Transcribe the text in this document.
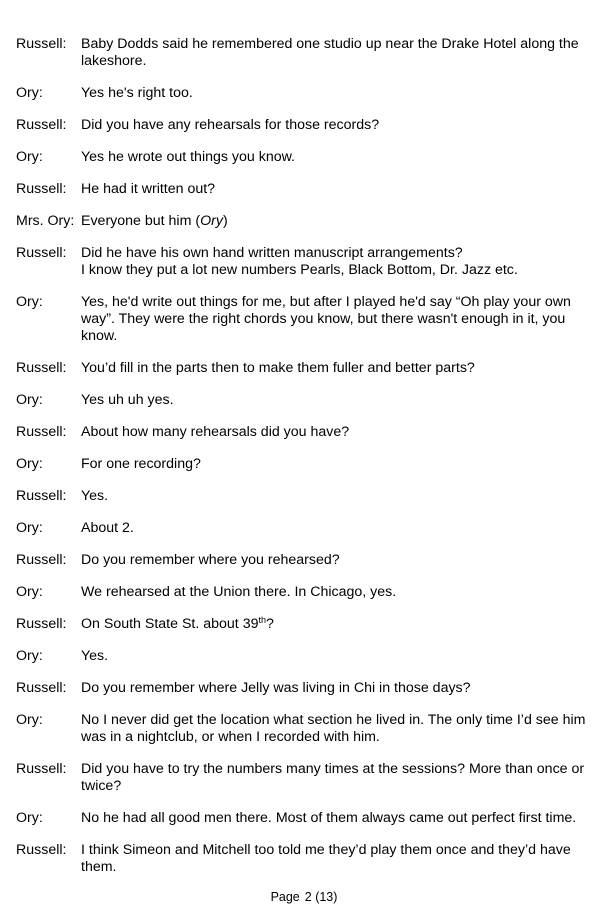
Russell:	Baby Dodds said he remembered one studio up near the Drake Hotel along the lakeshore.
Ory:	Yes he's right too.
Russell:	Did you have any rehearsals for those records?
Ory:	Yes he wrote out things you know.
Russell:	He had it written out?
Mrs. Ory: Everyone but him (Ory)
Russell:	Did he have his own hand written manuscript arrangements?
I know they put a lot new numbers Pearls, Black Bottom, Dr. Jazz etc.
Ory:	Yes, he'd write out things for me, but after I played he'd say “Oh play your own way”. They were the right chords you know, but there wasn't enough in it, you know.
Russell:	You’d fill in the parts then to make them fuller and better parts?
Ory:	Yes uh uh yes.
Russell:	About how many rehearsals did you have?
Ory:	For one recording?
Russell:	Yes.
Ory:	About 2.
Russell:	Do you remember where you rehearsed?
Ory:	We rehearsed at the Union there. In Chicago, yes.
Russell:	On South State St. about 39th?
Ory:	Yes.
Russell:	Do you remember where Jelly was living in Chi in those days?
Ory:	No I never did get the location what section he lived in. The only time I’d see him was in a nightclub, or when I recorded with him.
Russell:	Did you have to try the numbers many times at the sessions? More than once or twice?
Ory:	No he had all good men there. Most of them always came out perfect first time.
Russell:	I think Simeon and Mitchell too told me they’d play them once and they’d have them.
Page 2 (13)
